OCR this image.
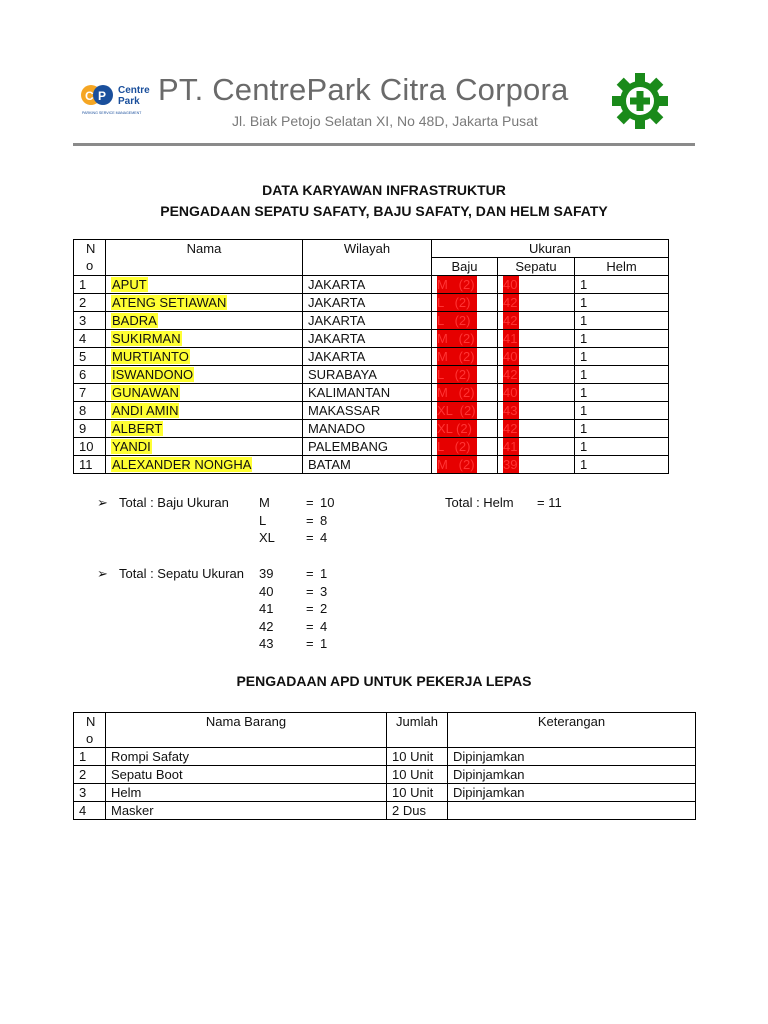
C P Centre
Park
PARKING SERVICE MANAGEMENT
PT. CentrePark Citra Corpora
Jl. Biak Petojo Selatan XI, No 48D, Jakarta Pusat
DATA KARYAWAN INFRASTRUKTUR
PENGADAAN SEPATU SAFATY, BAJU SAFATY, DAN HELM SAFATY
N o	Nama	Wilayah	Ukuran		
			Baju	Sepatu	Helm
1	APUT	JAKARTA	M   (2)	40	1
2	ATENG SETIAWAN	JAKARTA	L   (2)	42	1
3	BADRA	JAKARTA	L   (2)	42	1
4	SUKIRMAN	JAKARTA	M   (2)	41	1
5	MURTIANTO	JAKARTA	M   (2)	40	1
6	ISWANDONO	SURABAYA	L   (2)	42	1
7	GUNAWAN	KALIMANTAN	M   (2)	40	1
8	ANDI AMIN	MAKASSAR	XL  (2)	43	1
9	ALBERT	MANADO	XL (2)	42	1
10	YANDI	PALEMBANG	L   (2)	41	1
11	ALEXANDER NONGHA	BATAM	M   (2)	39	1
➢ Total : Baju Ukuran M	= 10
L	= 8
XL = 4
Total : Helm = 11
➢ Total : Sepatu Ukuran 39	= 1
40	= 3
41	= 2
42	= 4
43	= 1
PENGADAAN APD UNTUK PEKERJA LEPAS
N o	Nama Barang	Jumlah	Keterangan
1	Rompi Safaty	10 Unit	Dipinjamkan
2	Sepatu Boot	10 Unit	Dipinjamkan
3	Helm	10 Unit	Dipinjamkan
4	Masker	2 Dus	
